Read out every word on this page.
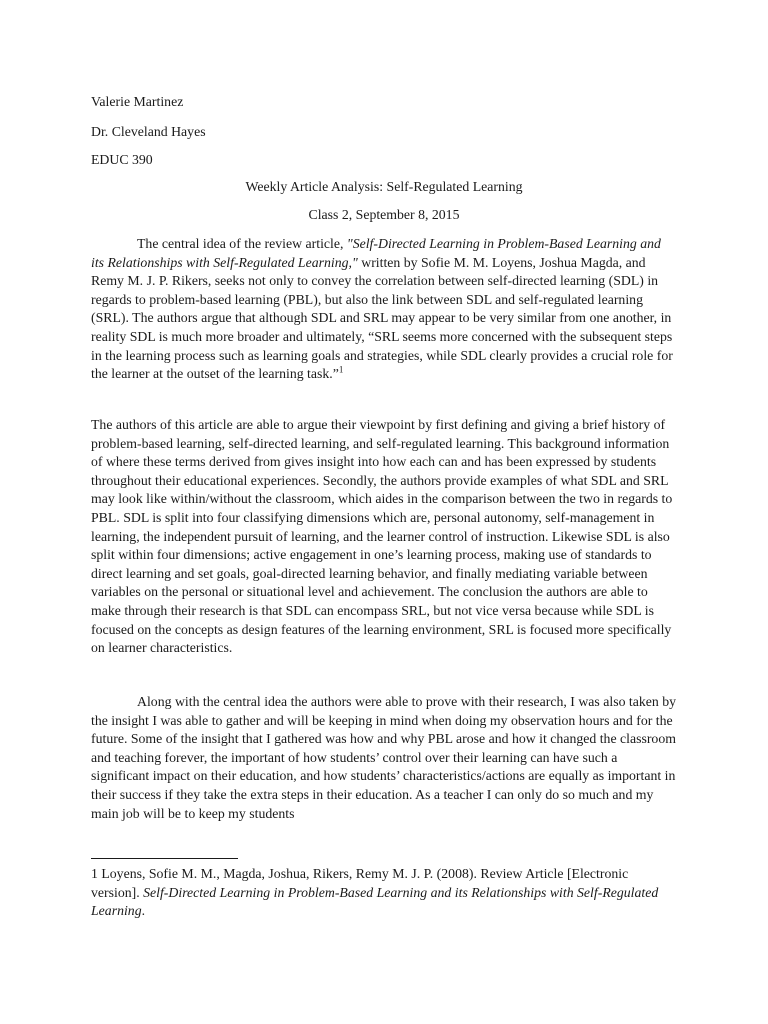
Valerie Martinez
Dr. Cleveland Hayes
EDUC 390
Weekly Article Analysis: Self-Regulated Learning
Class 2, September 8, 2015

The central idea of the review article, "Self-Directed Learning in Problem-Based Learning and its Relationships with Self-Regulated Learning," written by Sofie M. M. Loyens, Joshua Magda, and Remy M. J. P. Rikers, seeks not only to convey the correlation between self-directed learning (SDL) in regards to problem-based learning (PBL), but also the link between SDL and self-regulated learning (SRL). The authors argue that although SDL and SRL may appear to be very similar from one another, in reality SDL is much more broader and ultimately, “SRL seems more concerned with the subsequent steps in the learning process such as learning goals and strategies, while SDL clearly provides a crucial role for the learner at the outset of the learning task.”$^1$

The authors of this article are able to argue their viewpoint by first defining and giving a brief history of problem-based learning, self-directed learning, and self-regulated learning. This background information of where these terms derived from gives insight into how each can and has been expressed by students throughout their educational experiences. Secondly, the authors provide examples of what SDL and SRL may look like within/without the classroom, which aides in the comparison between the two in regards to PBL. SDL is split into four classifying dimensions which are, personal autonomy, self-management in learning, the independent pursuit of learning, and the learner control of instruction. Likewise SDL is also split within four dimensions; active engagement in one’s learning process, making use of standards to direct learning and set goals, goal-directed learning behavior, and finally mediating variable between variables on the personal or situational level and achievement. The conclusion the authors are able to make through their research is that SDL can encompass SRL, but not vice versa because while SDL is focused on the concepts as design features of the learning environment, SRL is focused more specifically on learner characteristics.

Along with the central idea the authors were able to prove with their research, I was also taken by the insight I was able to gather and will be keeping in mind when doing my observation hours and for the future. Some of the insight that I gathered was how and why PBL arose and how it changed the classroom and teaching forever, the important of how students’ control over their learning can have such a significant impact on their education, and how students’ characteristics/actions are equally as important in their success if they take the extra steps in their education. As a teacher I can only do so much and my main job will be to keep my students

1 Loyens, Sofie M. M., Magda, Joshua, Rikers, Remy M. J. P. (2008). Review Article [Electronic version]. Self-Directed Learning in Problem-Based Learning and its Relationships with Self-Regulated Learning.
